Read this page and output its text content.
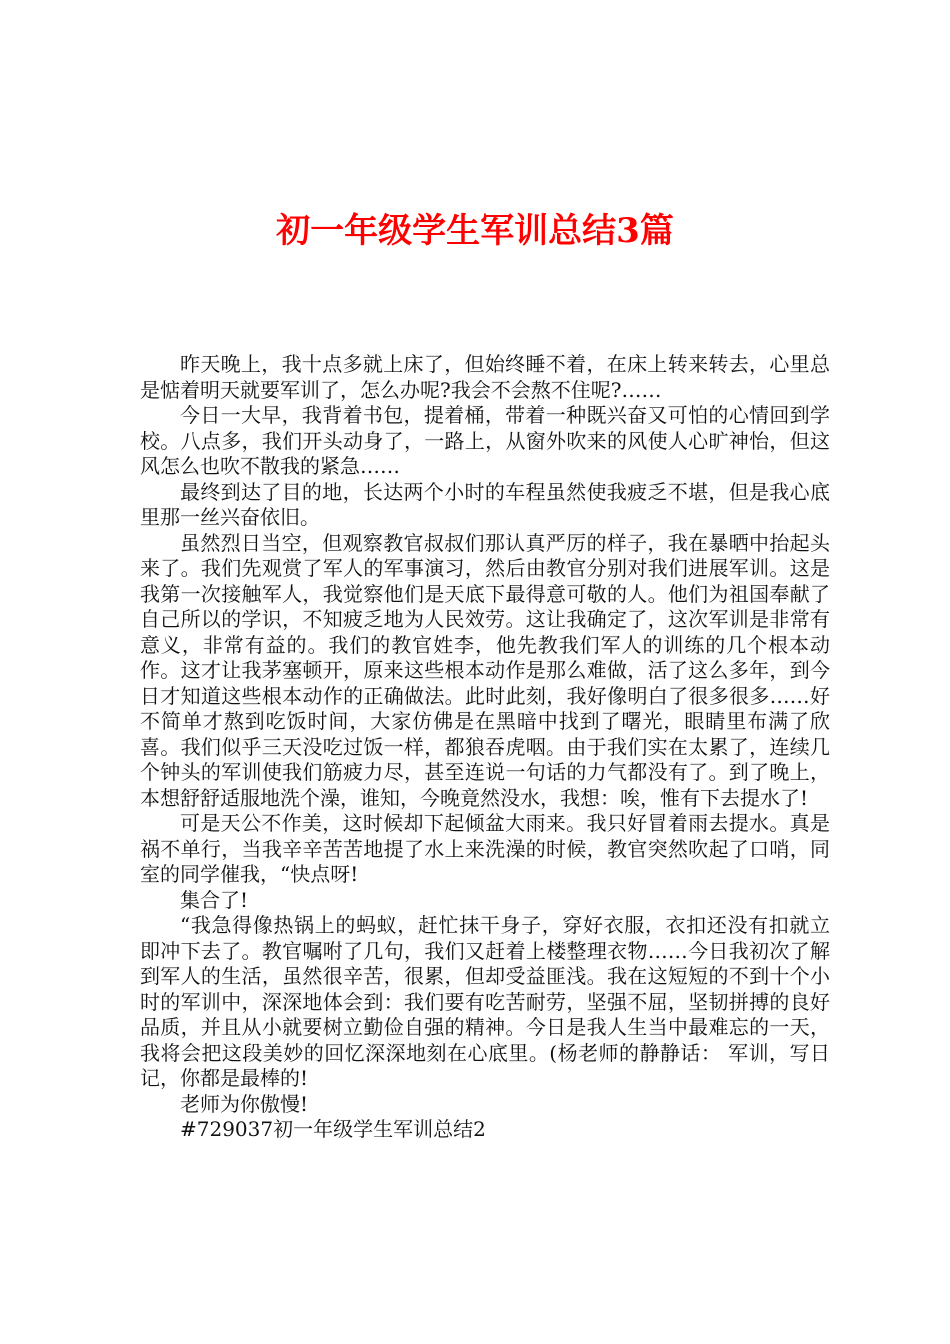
初一年级学生军训总结3篇

昨天晚上，我十点多就上床了，但始终睡不着，在床上转来转去，心里总是惦着明天就要军训了，怎么办呢?我会不会熬不住呢?……

今日一大早，我背着书包，提着桶，带着一种既兴奋又可怕的心情回到学校。八点多，我们开头动身了，一路上，从窗外吹来的风使人心旷神怡，但这风怎么也吹不散我的紧急……

最终到达了目的地，长达两个小时的车程虽然使我疲乏不堪，但是我心底里那一丝兴奋依旧。

虽然烈日当空，但观察教官叔叔们那认真严厉的样子，我在暴晒中抬起头来了。我们先观赏了军人的军事演习，然后由教官分别对我们进展军训。这是我第一次接触军人，我觉察他们是天底下最得意可敬的人。他们为祖国奉献了自己所以的学识，不知疲乏地为人民效劳。这让我确定了，这次军训是非常有意义，非常有益的。我们的教官姓李，他先教我们军人的训练的几个根本动作。这才让我茅塞顿开，原来这些根本动作是那么难做，活了这么多年，到今日才知道这些根本动作的正确做法。此时此刻，我好像明白了很多很多……好不简单才熬到吃饭时间，大家仿佛是在黑暗中找到了曙光，眼睛里布满了欣喜。我们似乎三天没吃过饭一样，都狼吞虎咽。由于我们实在太累了，连续几个钟头的军训使我们筋疲力尽，甚至连说一句话的力气都没有了。到了晚上，本想舒舒适服地洗个澡，谁知，今晚竟然没水，我想：唉，惟有下去提水了!

可是天公不作美，这时候却下起倾盆大雨来。我只好冒着雨去提水。真是祸不单行，当我辛辛苦苦地提了水上来洗澡的时候，教官突然吹起了口哨，同室的同学催我，“快点呀!

集合了!

“我急得像热锅上的蚂蚁，赶忙抹干身子，穿好衣服，衣扣还没有扣就立即冲下去了。教官嘱咐了几句，我们又赶着上楼整理衣物……今日我初次了解到军人的生活，虽然很辛苦，很累，但却受益匪浅。我在这短短的不到十个小时的军训中，深深地体会到：我们要有吃苦耐劳，坚强不屈，坚韧拼搏的良好品质，并且从小就要树立勤俭自强的精神。今日是我人生当中最难忘的一天，我将会把这段美妙的回忆深深地刻在心底里。(杨老师的静静话： 军训，写日记，你都是最棒的!

老师为你傲慢!

#729037初一年级学生军训总结2
